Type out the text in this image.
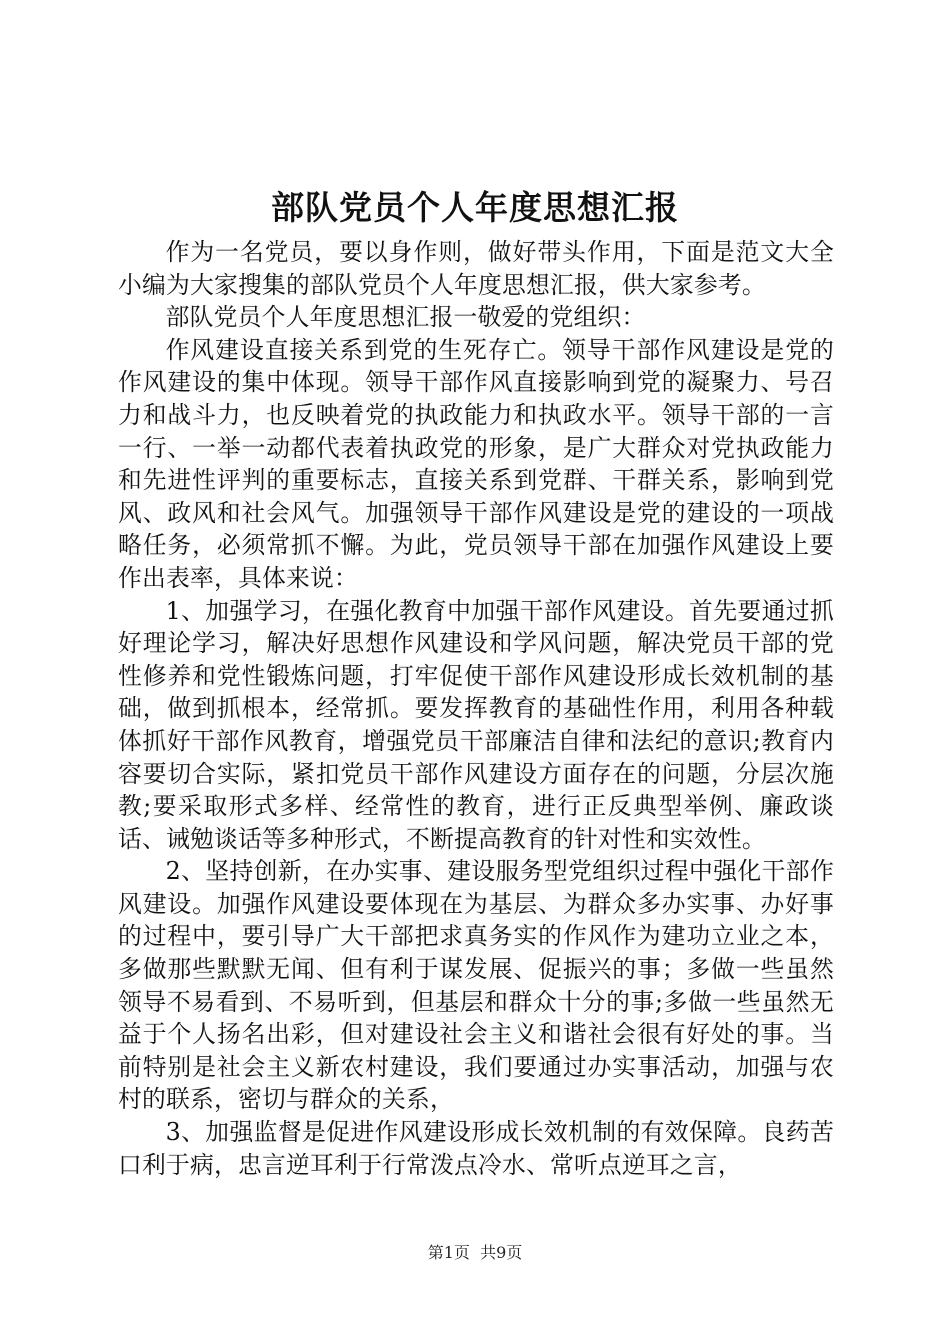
部队党员个人年度思想汇报

作为一名党员，要以身作则，做好带头作用，下面是范文大全小编为大家搜集的部队党员个人年度思想汇报，供大家参考。

部队党员个人年度思想汇报一敬爱的党组织：

作风建设直接关系到党的生死存亡。领导干部作风建设是党的作风建设的集中体现。领导干部作风直接影响到党的凝聚力、号召力和战斗力，也反映着党的执政能力和执政水平。领导干部的一言一行、一举一动都代表着执政党的形象，是广大群众对党执政能力和先进性评判的重要标志，直接关系到党群、干群关系，影响到党风、政风和社会风气。加强领导干部作风建设是党的建设的一项战略任务，必须常抓不懈。为此，党员领导干部在加强作风建设上要作出表率，具体来说：

1、加强学习，在强化教育中加强干部作风建设。首先要通过抓好理论学习，解决好思想作风建设和学风问题，解决党员干部的党性修养和党性锻炼问题，打牢促使干部作风建设形成长效机制的基础，做到抓根本，经常抓。要发挥教育的基础性作用，利用各种载体抓好干部作风教育，增强党员干部廉洁自律和法纪的意识;教育内容要切合实际，紧扣党员干部作风建设方面存在的问题，分层次施教;要采取形式多样、经常性的教育，进行正反典型举例、廉政谈话、诫勉谈话等多种形式，不断提高教育的针对性和实效性。

2、坚持创新，在办实事、建设服务型党组织过程中强化干部作风建设。加强作风建设要体现在为基层、为群众多办实事、办好事的过程中，要引导广大干部把求真务实的作风作为建功立业之本，多做那些默默无闻、但有利于谋发展、促振兴的事；多做一些虽然领导不易看到、不易听到，但基层和群众十分的事;多做一些虽然无益于个人扬名出彩，但对建设社会主义和谐社会很有好处的事。当前特别是社会主义新农村建设，我们要通过办实事活动，加强与农村的联系，密切与群众的关系，

3、加强监督是促进作风建设形成长效机制的有效保障。良药苦口利于病，忠言逆耳利于行常泼点冷水、常听点逆耳之言，

第1页 共9页
